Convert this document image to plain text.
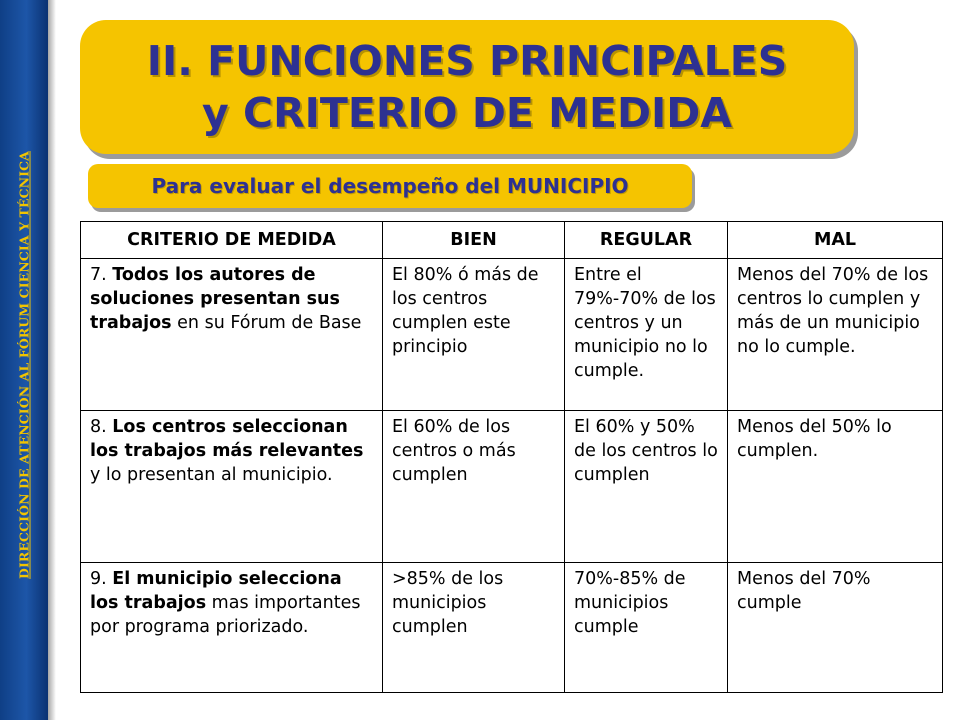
DIRECCIÓN DE ATENCIÓN AL FÓRUM CIENCIA Y TÉCNICA
II. FUNCIONES PRINCIPALES
y CRITERIO DE MEDIDA
Para evaluar el desempeño del MUNICIPIO
CRITERIO DE MEDIDA	BIEN	REGULAR	MAL
7. Todos los autores de soluciones presentan sus trabajos en su Fórum de Base	El 80% ó más de los centros cumplen este principio	Entre el 79%-70% de los centros y un municipio no lo cumple.	Menos del 70% de los centros lo cumplen y más de un municipio no lo cumple.
8. Los centros seleccionan los trabajos más relevantes y lo presentan al municipio.	El 60% de los centros o más cumplen	El 60% y 50% de los centros lo cumplen	Menos del 50% lo cumplen.
9. El municipio selecciona los trabajos mas importantes por programa priorizado.	>85% de los municipios cumplen	70%-85% de municipios cumple	Menos del 70% cumple
